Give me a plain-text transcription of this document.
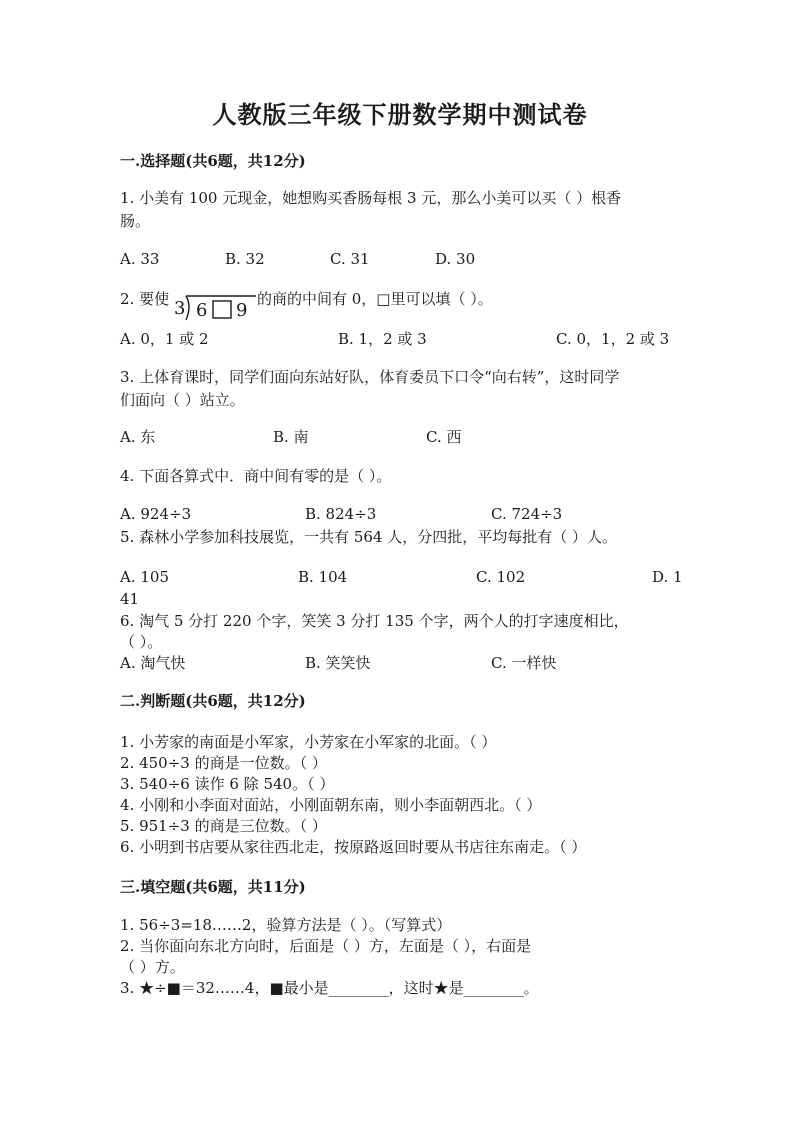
人教版三年级下册数学期中测试卷
一.选择题(共6题，共12分)
1. 小美有 100 元现金，她想购买香肠每根 3 元，那么小美可以买（ ）根香
肠。
A. 33	B. 32	C. 31	D. 30
2. 要使 3 6 9
的商的中间有 0，□里可以填（ ）。
A. 0，1 或 2	B. 1，2 或 3	C. 0，1，2 或 3
3. 上体育课时，同学们面向东站好队，体育委员下口令“向右转”，这时同学
们面向（ ）站立。
A. 东	B. 南	C. 西
4. 下面各算式中．商中间有零的是（ ）。
A. 924÷3	B. 824÷3	C. 724÷3
5. 森林小学参加科技展览，一共有 564 人，分四批，平均每批有（ ）人。
A. 105	B. 104	C. 102	D. 1
41
6. 淘气 5 分打 220 个字，笑笑 3 分打 135 个字，两个人的打字速度相比，
（ ）。
A. 淘气快	B. 笑笑快	C. 一样快
二.判断题(共6题，共12分)
1. 小芳家的南面是小军家，小芳家在小军家的北面。（ ）
2. 450÷3 的商是一位数。（ ）
3. 540÷6 读作 6 除 540。（ ）
4. 小刚和小李面对面站，小刚面朝东南，则小李面朝西北。（ ）
5. 951÷3 的商是三位数。（ ）
6. 小明到书店要从家往西北走，按原路返回时要从书店往东南走。（ ）
三.填空题(共6题，共11分)
1. 56÷3=18……2，验算方法是（ ）。（写算式）
2. 当你面向东北方向时，后面是（ ）方，左面是（ ），右面是
（ ）方。
3. ★÷■＝32……4，■最小是________，这时★是________。
